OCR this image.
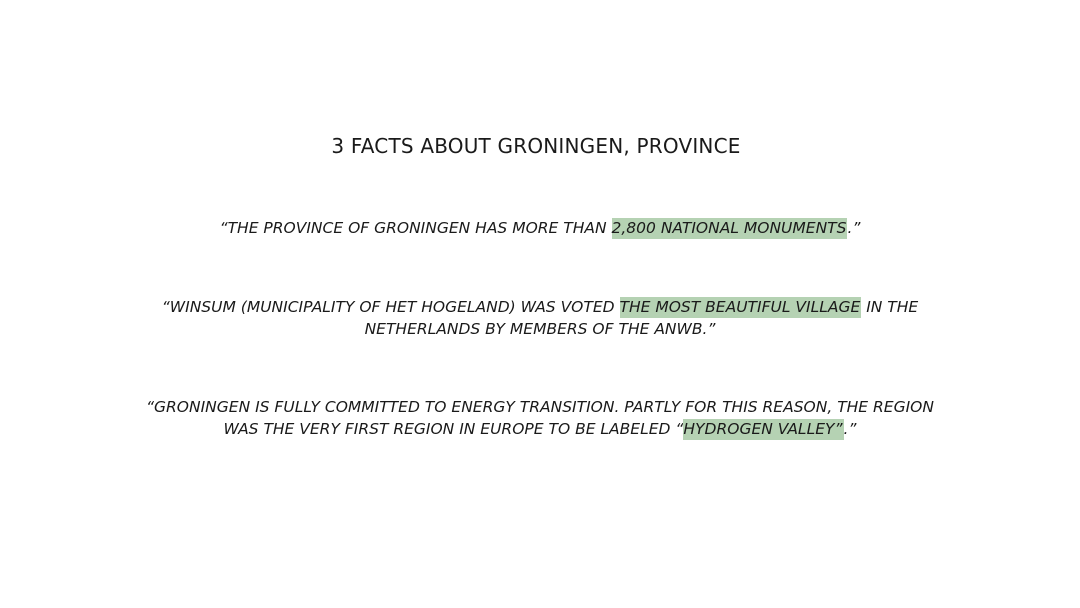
3 FACTS ABOUT GRONINGEN, PROVINCE

“THE PROVINCE OF GRONINGEN HAS MORE THAN 2,800 NATIONAL MONUMENTS.”

“WINSUM (MUNICIPALITY OF HET HOGELAND) WAS VOTED THE MOST BEAUTIFUL VILLAGE IN THE
NETHERLANDS BY MEMBERS OF THE ANWB.”

“GRONINGEN IS FULLY COMMITTED TO ENERGY TRANSITION. PARTLY FOR THIS REASON, THE REGION
WAS THE VERY FIRST REGION IN EUROPE TO BE LABELED “HYDROGEN VALLEY”.”
